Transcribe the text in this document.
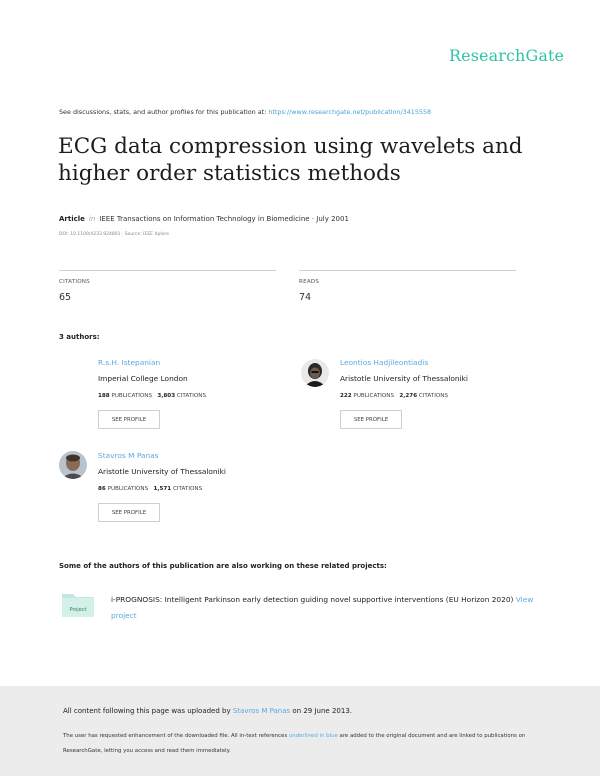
ResearchGate
See discussions, stats, and author profiles for this publication at: https://www.researchgate.net/publication/3415558
ECG data compression using wavelets and higher order statistics methods
Article in IEEE Transactions on Information Technology in Biomedicine · July 2001
DOI: 10.1109/4233.924801 · Source: IEEE Xplore
CITATIONS
65
READS
74
3 authors:
R.s.H. Istepanian
Imperial College London
188 PUBLICATIONS 3,803 CITATIONS
SEE PROFILE
Leontios Hadjileontiadis
Aristotle University of Thessaloniki
222 PUBLICATIONS 2,276 CITATIONS
SEE PROFILE
Stavros M Panas
Aristotle University of Thessaloniki
86 PUBLICATIONS 1,571 CITATIONS
SEE PROFILE
Some of the authors of this publication are also working on these related projects:
Project
i-PROGNOSIS: Intelligent Parkinson early detection guiding novel supportive interventions (EU Horizon 2020) View project
All content following this page was uploaded by Stavros M Panas on 29 June 2013.
The user has requested enhancement of the downloaded file. All in-text references underlined in blue are added to the original document and are linked to publications on ResearchGate, letting you access and read them immediately.
